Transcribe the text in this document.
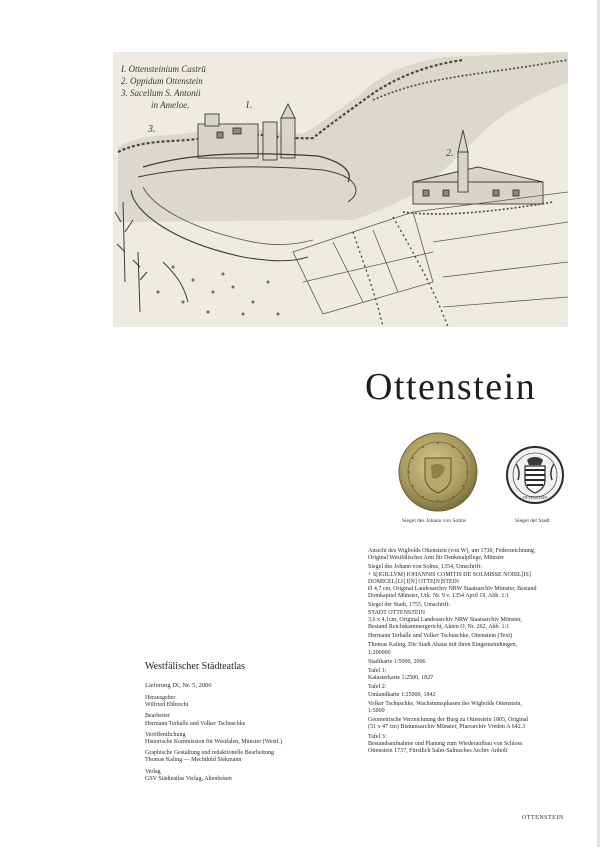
I. Ottensteinium Castrū
2. Oppidum Ottenstein
3. Sacellum S. Antonii
in Ameloe.	1.
2.
3.
Ottenstein
OTTENSTEIN
Siegel des Johann von Solms	Siegel der Stadt
Westfälischer Städteatlas
Lieferung IX, Nr. 5, 2006
Herausgeber
Wilfried Ehbrecht
Bearbeiter
Hermann Terhalle und Volker Tschuschke
Veröffentlichung
Historische Kommission für Westfalen, Münster (Westf.)
Graphische Gestaltung und redaktionelle Bearbeitung
Thomas Kaling — Mechthild Siekmann
Verlag
GSV Städteatlas Verlag, Altenbeken
Ansicht des Wigbolds Ottenstein (von W), um 1730, Federzeichnung,
Original Westfälisches Amt für Denkmalpflege, Münster
Siegel des Johann von Solms, 1354, Umschrift:
+ S[IGILLVM] IOHANNIS COMITIS DE SOLMISSE NOBIL[IS]
DOMICEL[LI] I[N] OTTE[N]STEIN
Ø 4,7 cm, Original Landesarchiv NRW Staatsarchiv Münster, Bestand
Domkapitel Münster, Urk. Nr. 9 v. 1354 April 19, Abb. 1:1
Siegel der Stadt, 1755, Umschrift:
STADT OTTENSTEIN
3,6 x 4,1cm, Original Landesarchiv NRW Staatsarchiv Münster,
Bestand Reichskammergericht, Akten O, Nr. 262, Abb. 1:1
Hermann Terhalle und Volker Tschuschke, Ottenstein (Text)
Thomas Kaling, Die Stadt Ahaus mit ihren Eingemeindungen,
1:200000
Stadtkarte 1:5000, 2006
Tafel 1:
Katasterkarte 1:2500, 1827
Tafel 2:
Umlandkarte 1:25000, 1842
Volker Tschuschke, Wachstumsphasen des Wigbolds Ottenstein,
1:5000
Geometrische Verzeichnung der Burg zu Ottenstein 1805, Original
(51 x 47 cm) Bistumsarchiv Münster, Pfarrarchiv Vreden A 642.3
Tafel 3:
Bestandsaufnahme und Planung zum Wiederaufbau von Schloss
Ottenstein 1737, Fürstlich Salm-Salmsches Archiv Anholt
OTTENSTEIN
